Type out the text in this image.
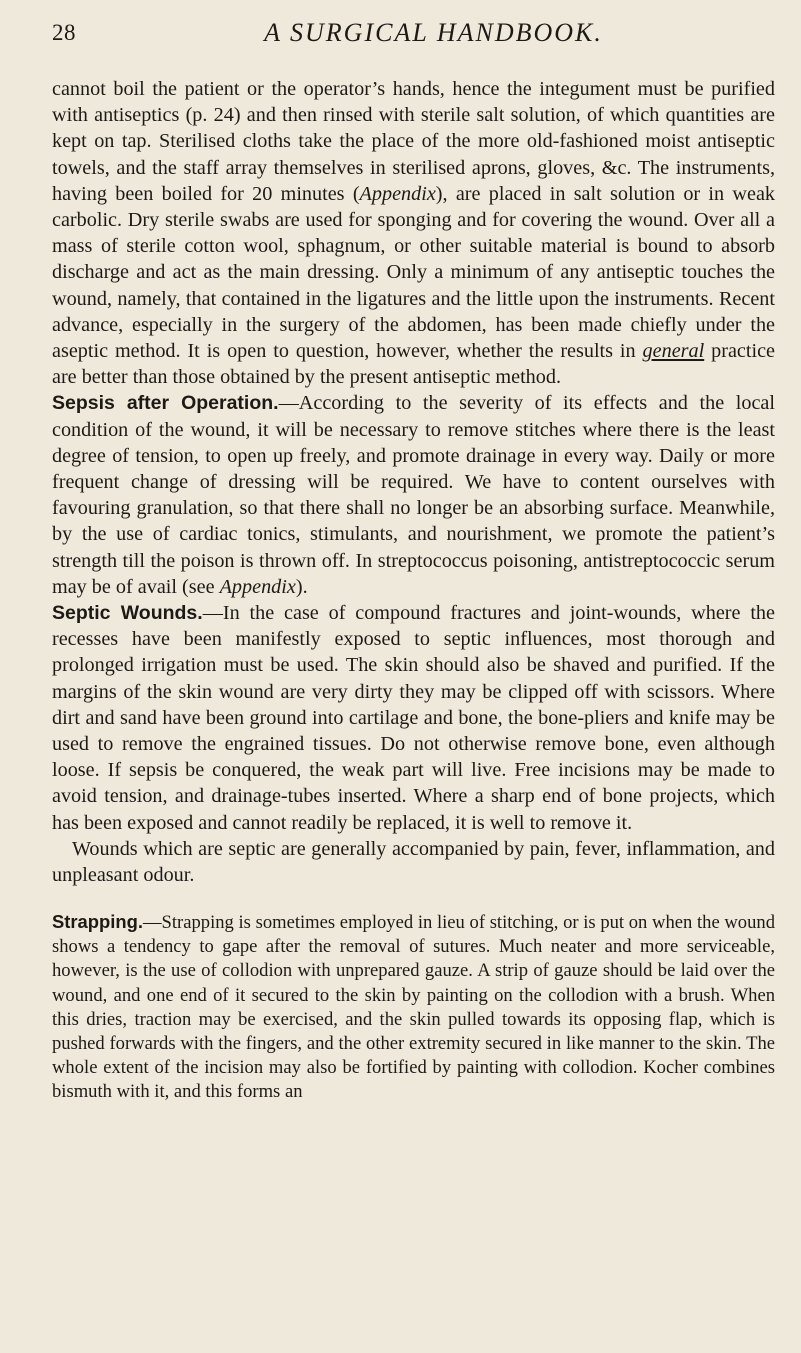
28	A SURGICAL HANDBOOK.

cannot boil the patient or the operator’s hands, hence the integument must be purified with antiseptics (p. 24) and then rinsed with sterile salt solution, of which quantities are kept on tap. Sterilised cloths take the place of the more old-fashioned moist antiseptic towels, and the staff array themselves in sterilised aprons, gloves, &c. The instruments, having been boiled for 20 minutes (Appendix), are placed in salt solution or in weak carbolic. Dry sterile swabs are used for sponging and for covering the wound. Over all a mass of sterile cotton wool, sphagnum, or other suitable material is bound to absorb discharge and act as the main dressing. Only a minimum of any antiseptic touches the wound, namely, that contained in the ligatures and the little upon the instruments. Recent advance, especially in the surgery of the abdomen, has been made chiefly under the aseptic method. It is open to question, however, whether the results in general practice are better than those obtained by the present antiseptic method.

Sepsis after Operation.—According to the severity of its effects and the local condition of the wound, it will be necessary to remove stitches where there is the least degree of tension, to open up freely, and promote drainage in every way. Daily or more frequent change of dressing will be required. We have to content ourselves with favouring granulation, so that there shall no longer be an absorbing surface. Meanwhile, by the use of cardiac tonics, stimulants, and nourishment, we promote the patient’s strength till the poison is thrown off. In streptococcus poisoning, antistreptococcic serum may be of avail (see Appendix).

Septic Wounds.—In the case of compound fractures and joint-wounds, where the recesses have been manifestly exposed to septic influences, most thorough and prolonged irrigation must be used. The skin should also be shaved and purified. If the margins of the skin wound are very dirty they may be clipped off with scissors. Where dirt and sand have been ground into cartilage and bone, the bone-pliers and knife may be used to remove the engrained tissues. Do not otherwise remove bone, even although loose. If sepsis be conquered, the weak part will live. Free incisions may be made to avoid tension, and drainage-tubes inserted. Where a sharp end of bone projects, which has been exposed and cannot readily be replaced, it is well to remove it.

Wounds which are septic are generally accompanied by pain, fever, inflammation, and unpleasant odour.

Strapping.—Strapping is sometimes employed in lieu of stitching, or is put on when the wound shows a tendency to gape after the removal of sutures. Much neater and more serviceable, however, is the use of collodion with unprepared gauze. A strip of gauze should be laid over the wound, and one end of it secured to the skin by painting on the collodion with a brush. When this dries, traction may be exercised, and the skin pulled towards its opposing flap, which is pushed forwards with the fingers, and the other extremity secured in like manner to the skin. The whole extent of the incision may also be fortified by painting with collodion. Kocher combines bismuth with it, and this forms an
